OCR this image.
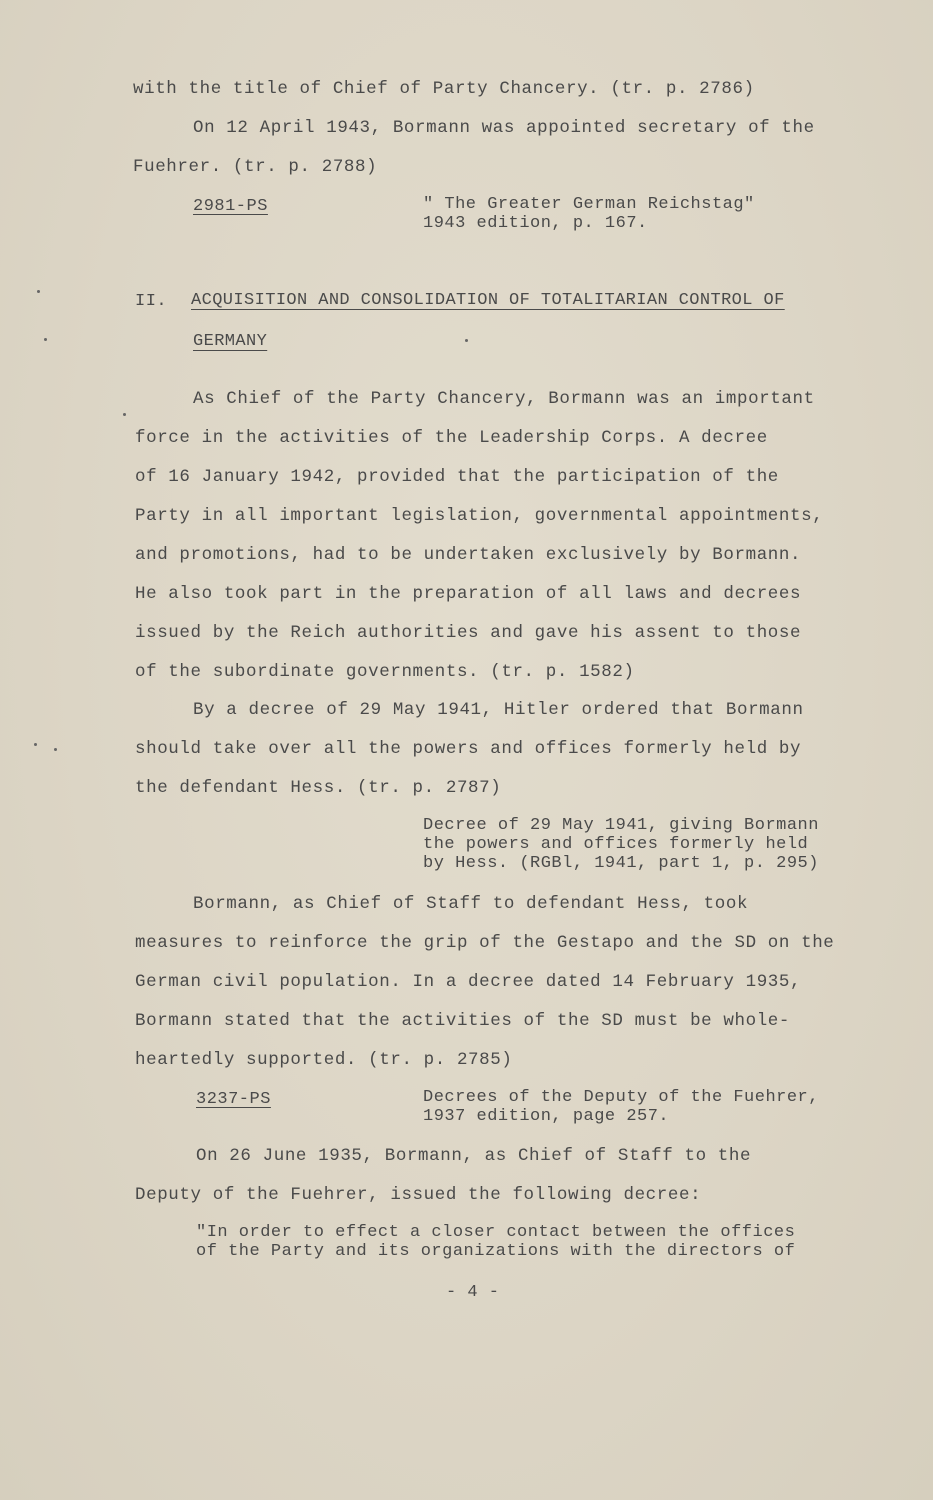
with the title of Chief of Party Chancery. (tr. p. 2786)
On 12 April 1943, Bormann was appointed secretary of the
Fuehrer. (tr. p. 2788)
2981-PS	" The Greater German Reichstag"
1943 edition, p. 167.
II. ACQUISITION AND CONSOLIDATION OF TOTALITARIAN CONTROL OF
GERMANY
As Chief of the Party Chancery, Bormann was an important
force in the activities of the Leadership Corps. A decree
of 16 January 1942, provided that the participation of the
Party in all important legislation, governmental appointments,
and promotions, had to be undertaken exclusively by Bormann.
He also took part in the preparation of all laws and decrees
issued by the Reich authorities and gave his assent to those
of the subordinate governments. (tr. p. 1582)
By a decree of 29 May 1941, Hitler ordered that Bormann
should take over all the powers and offices formerly held by
the defendant Hess. (tr. p. 2787)
Decree of 29 May 1941, giving Bormann
the powers and offices formerly held
by Hess. (RGBl, 1941, part 1, p. 295)
Bormann, as Chief of Staff to defendant Hess, took
measures to reinforce the grip of the Gestapo and the SD on the
German civil population. In a decree dated 14 February 1935,
Bormann stated that the activities of the SD must be whole-
heartedly supported. (tr. p. 2785)
3237-PS	Decrees of the Deputy of the Fuehrer,
1937 edition, page 257.
On 26 June 1935, Bormann, as Chief of Staff to the
Deputy of the Fuehrer, issued the following decree:
"In order to effect a closer contact between the offices
of the Party and its organizations with the directors of
- 4 -
